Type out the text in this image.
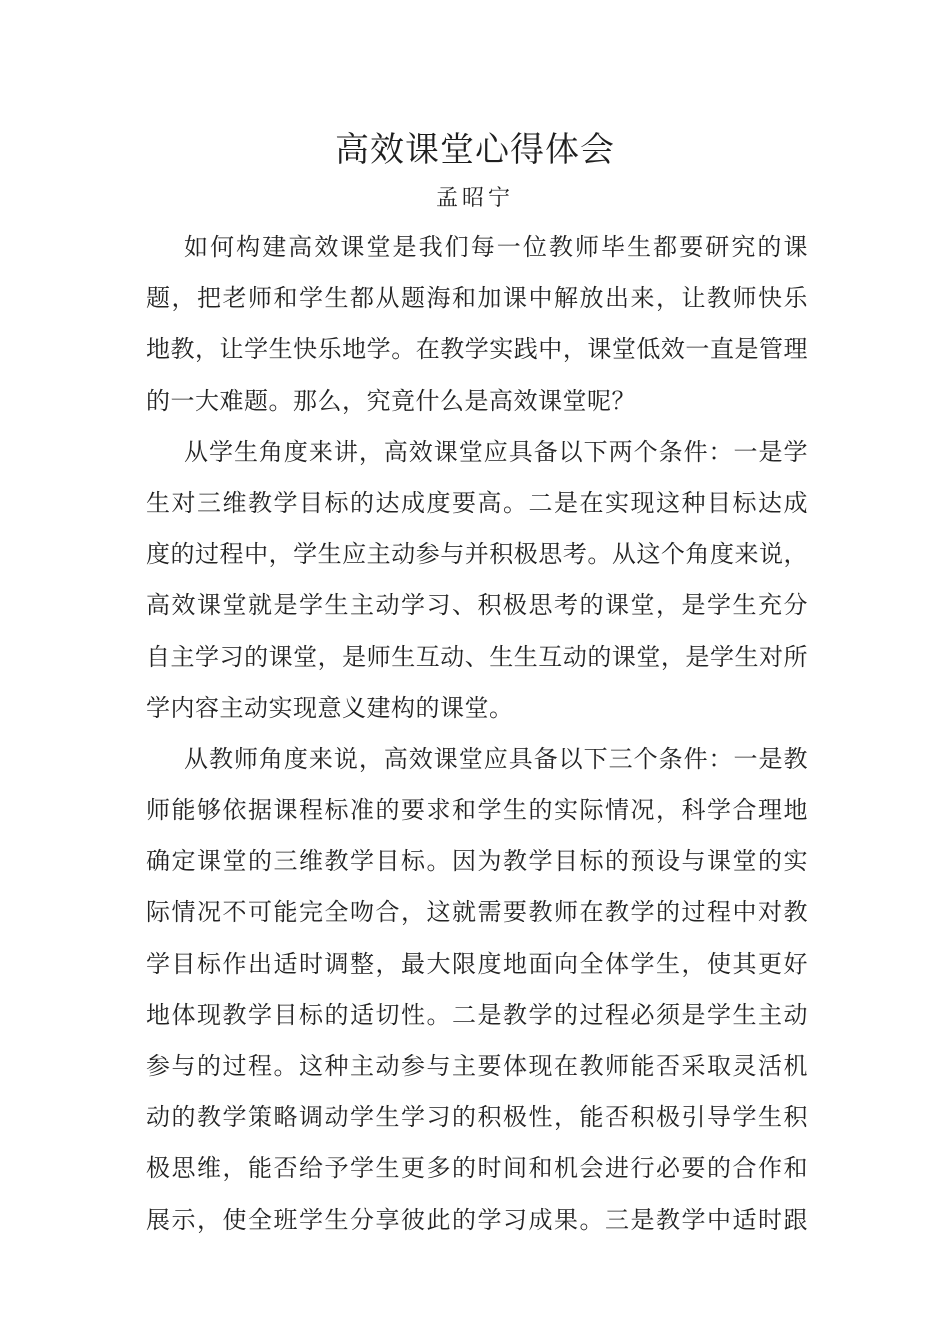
高效课堂心得体会
孟昭宁
如何构建高效课堂是我们每一位教师毕生都要研究的课
题，把老师和学生都从题海和加课中解放出来，让教师快乐
地教，让学生快乐地学。在教学实践中，课堂低效一直是管理
的一大难题。那么，究竟什么是高效课堂呢？
从学生角度来讲，高效课堂应具备以下两个条件：一是学
生对三维教学目标的达成度要高。二是在实现这种目标达成
度的过程中，学生应主动参与并积极思考。从这个角度来说，
高效课堂就是学生主动学习、积极思考的课堂，是学生充分
自主学习的课堂，是师生互动、生生互动的课堂，是学生对所
学内容主动实现意义建构的课堂。
从教师角度来说，高效课堂应具备以下三个条件：一是教
师能够依据课程标准的要求和学生的实际情况，科学合理地
确定课堂的三维教学目标。因为教学目标的预设与课堂的实
际情况不可能完全吻合，这就需要教师在教学的过程中对教
学目标作出适时调整，最大限度地面向全体学生，使其更好
地体现教学目标的适切性。二是教学的过程必须是学生主动
参与的过程。这种主动参与主要体现在教师能否采取灵活机
动的教学策略调动学生学习的积极性，能否积极引导学生积
极思维，能否给予学生更多的时间和机会进行必要的合作和
展示，使全班学生分享彼此的学习成果。三是教学中适时跟
